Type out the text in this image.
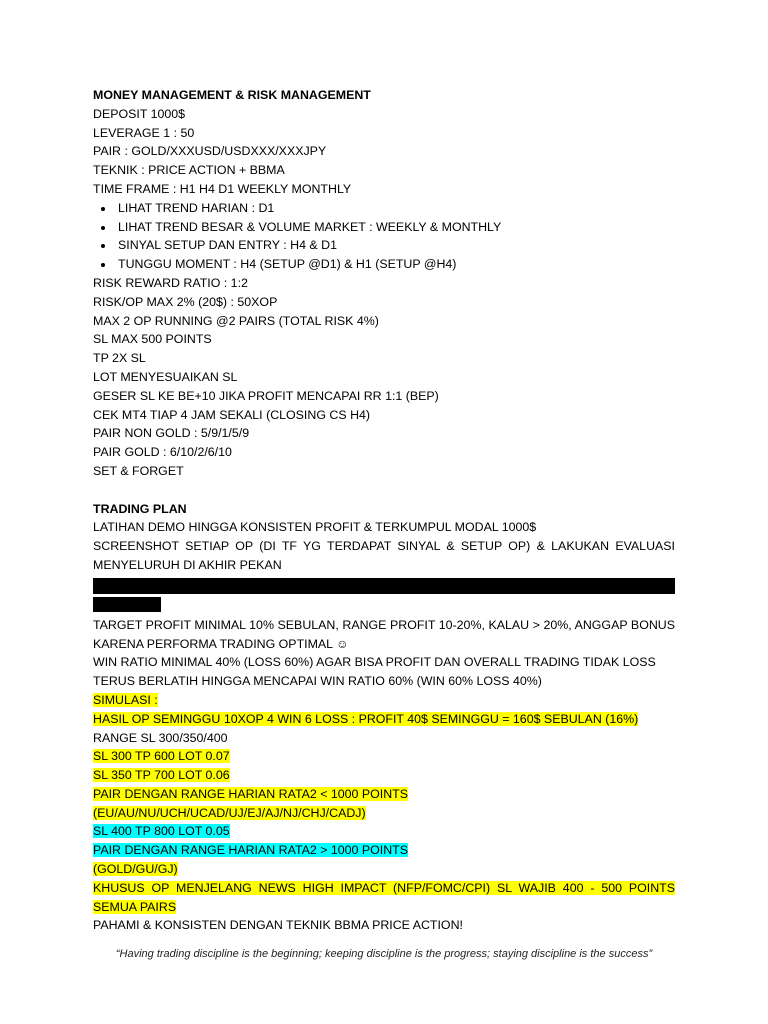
MONEY MANAGEMENT & RISK MANAGEMENT
DEPOSIT 1000$
LEVERAGE 1 : 50
PAIR : GOLD/XXXUSD/USDXXX/XXXJPY
TEKNIK : PRICE ACTION + BBMA
TIME FRAME : H1 H4 D1 WEEKLY MONTHLY
• LIHAT TREND HARIAN : D1
• LIHAT TREND BESAR & VOLUME MARKET : WEEKLY & MONTHLY
• SINYAL SETUP DAN ENTRY : H4 & D1
• TUNGGU MOMENT : H4 (SETUP @D1) & H1 (SETUP @H4)
RISK REWARD RATIO : 1:2
RISK/OP MAX 2% (20$) : 50XOP
MAX 2 OP RUNNING @2 PAIRS (TOTAL RISK 4%)
SL MAX 500 POINTS
TP 2X SL
LOT MENYESUAIKAN SL
GESER SL KE BE+10 JIKA PROFIT MENCAPAI RR 1:1 (BEP)
CEK MT4 TIAP 4 JAM SEKALI (CLOSING CS H4)
PAIR NON GOLD : 5/9/1/5/9
PAIR GOLD : 6/10/2/6/10
SET & FORGET
TRADING PLAN
LATIHAN DEMO HINGGA KONSISTEN PROFIT & TERKUMPUL MODAL 1000$
SCREENSHOT SETIAP OP (DI TF YG TERDAPAT SINYAL & SETUP OP) & LAKUKAN EVALUASI MENYELURUH DI AKHIR PEKAN
TARGET PROFIT MINIMAL 10% SEBULAN, RANGE PROFIT 10-20%, KALAU > 20%, ANGGAP BONUS KARENA PERFORMA TRADING OPTIMAL ☺
WIN RATIO MINIMAL 40% (LOSS 60%) AGAR BISA PROFIT DAN OVERALL TRADING TIDAK LOSS
TERUS BERLATIH HINGGA MENCAPAI WIN RATIO 60% (WIN 60% LOSS 40%)
SIMULASI :
HASIL OP SEMINGGU 10XOP 4 WIN 6 LOSS : PROFIT 40$ SEMINGGU = 160$ SEBULAN (16%)
RANGE SL 300/350/400
SL 300 TP 600 LOT 0.07
SL 350 TP 700 LOT 0.06
PAIR DENGAN RANGE HARIAN RATA2 < 1000 POINTS
(EU/AU/NU/UCH/UCAD/UJ/EJ/AJ/NJ/CHJ/CADJ)
SL 400 TP 800 LOT 0.05
PAIR DENGAN RANGE HARIAN RATA2 > 1000 POINTS
(GOLD/GU/GJ)
KHUSUS OP MENJELANG NEWS HIGH IMPACT (NFP/FOMC/CPI) SL WAJIB 400 - 500 POINTS SEMUA PAIRS
PAHAMI & KONSISTEN DENGAN TEKNIK BBMA PRICE ACTION!
“Having trading discipline is the beginning; keeping discipline is the progress; staying discipline is the success”
